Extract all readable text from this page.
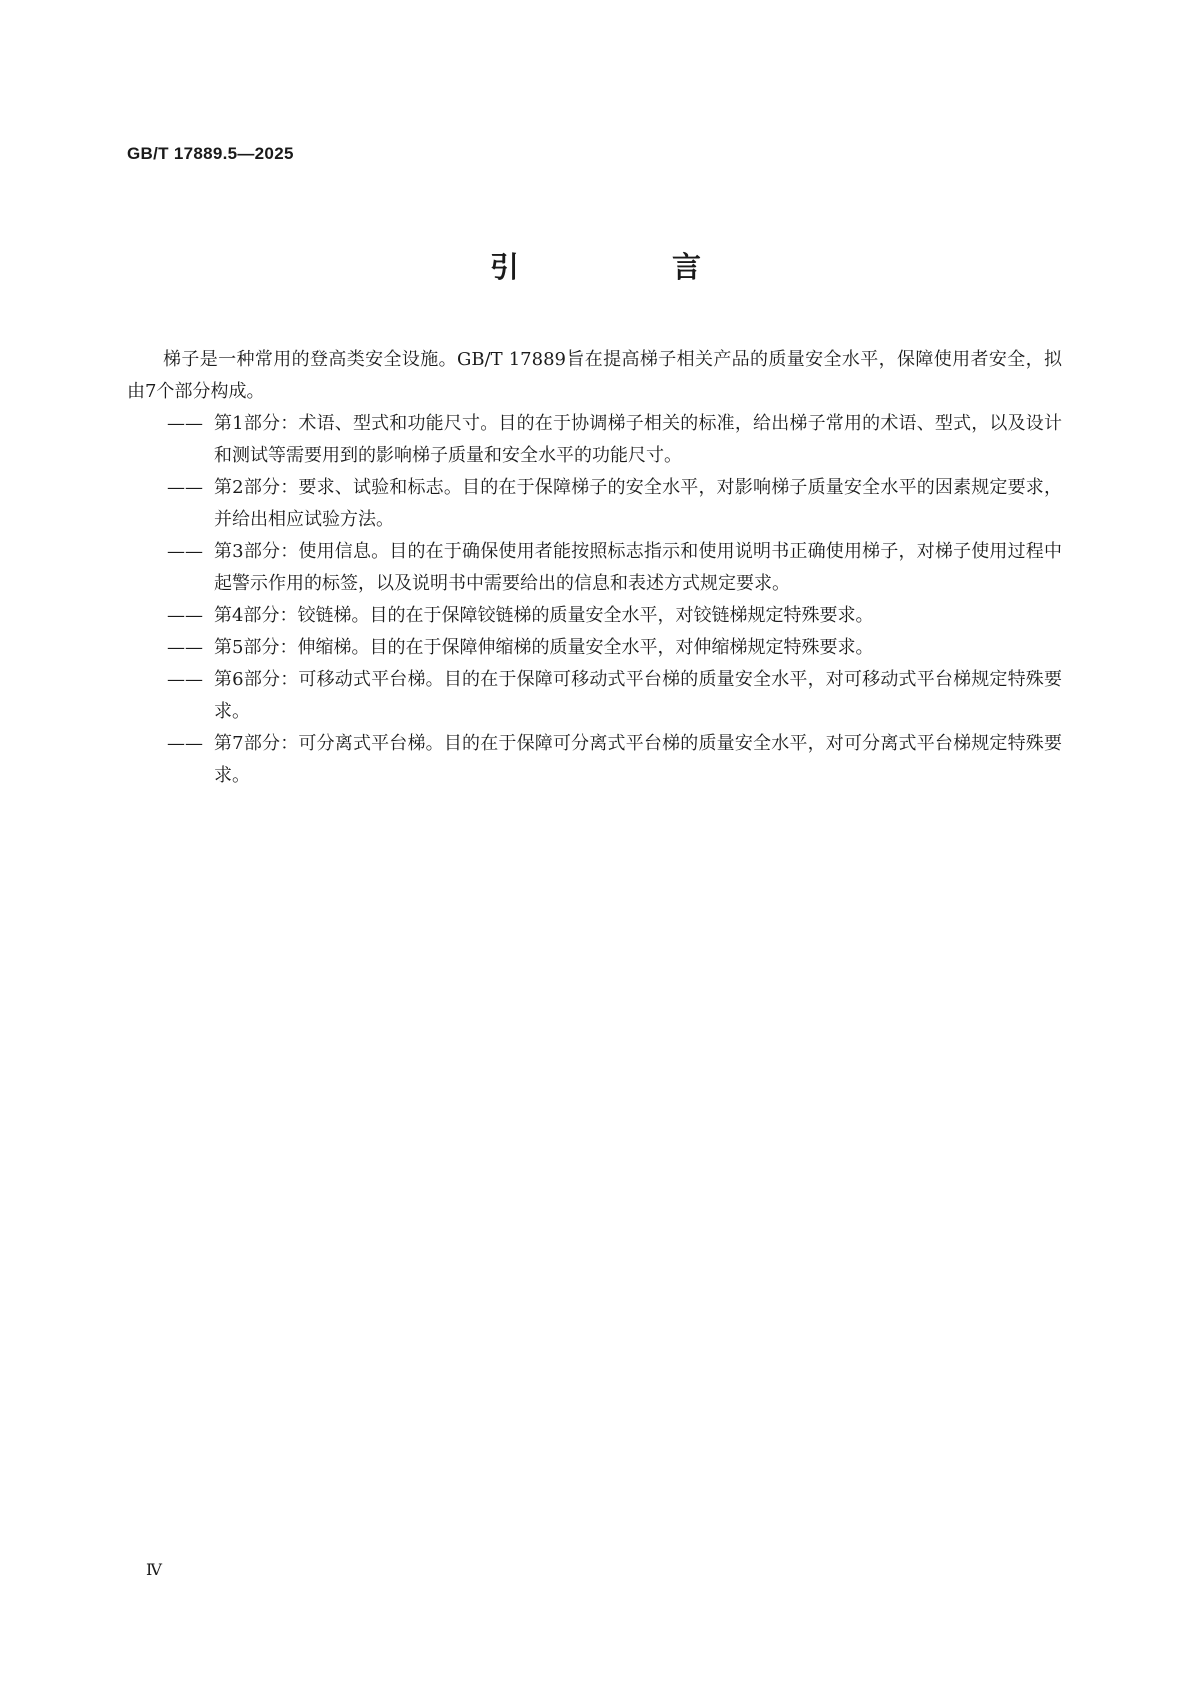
GB/T 17889.5—2025
引　言

梯子是一种常用的登高类安全设施。GB/T 17889旨在提高梯子相关产品的质量安全水平，保障使用者安全，拟由7个部分构成。

—— 第1部分：术语、型式和功能尺寸。目的在于协调梯子相关的标准，给出梯子常用的术语、型式，以及设计和测试等需要用到的影响梯子质量和安全水平的功能尺寸。

—— 第2部分：要求、试验和标志。目的在于保障梯子的安全水平，对影响梯子质量安全水平的因素规定要求，并给出相应试验方法。

—— 第3部分：使用信息。目的在于确保使用者能按照标志指示和使用说明书正确使用梯子，对梯子使用过程中起警示作用的标签，以及说明书中需要给出的信息和表述方式规定要求。

—— 第4部分：铰链梯。目的在于保障铰链梯的质量安全水平，对铰链梯规定特殊要求。

—— 第5部分：伸缩梯。目的在于保障伸缩梯的质量安全水平，对伸缩梯规定特殊要求。

—— 第6部分：可移动式平台梯。目的在于保障可移动式平台梯的质量安全水平，对可移动式平台梯规定特殊要求。

—— 第7部分：可分离式平台梯。目的在于保障可分离式平台梯的质量安全水平，对可分离式平台梯规定特殊要求。

Ⅳ
